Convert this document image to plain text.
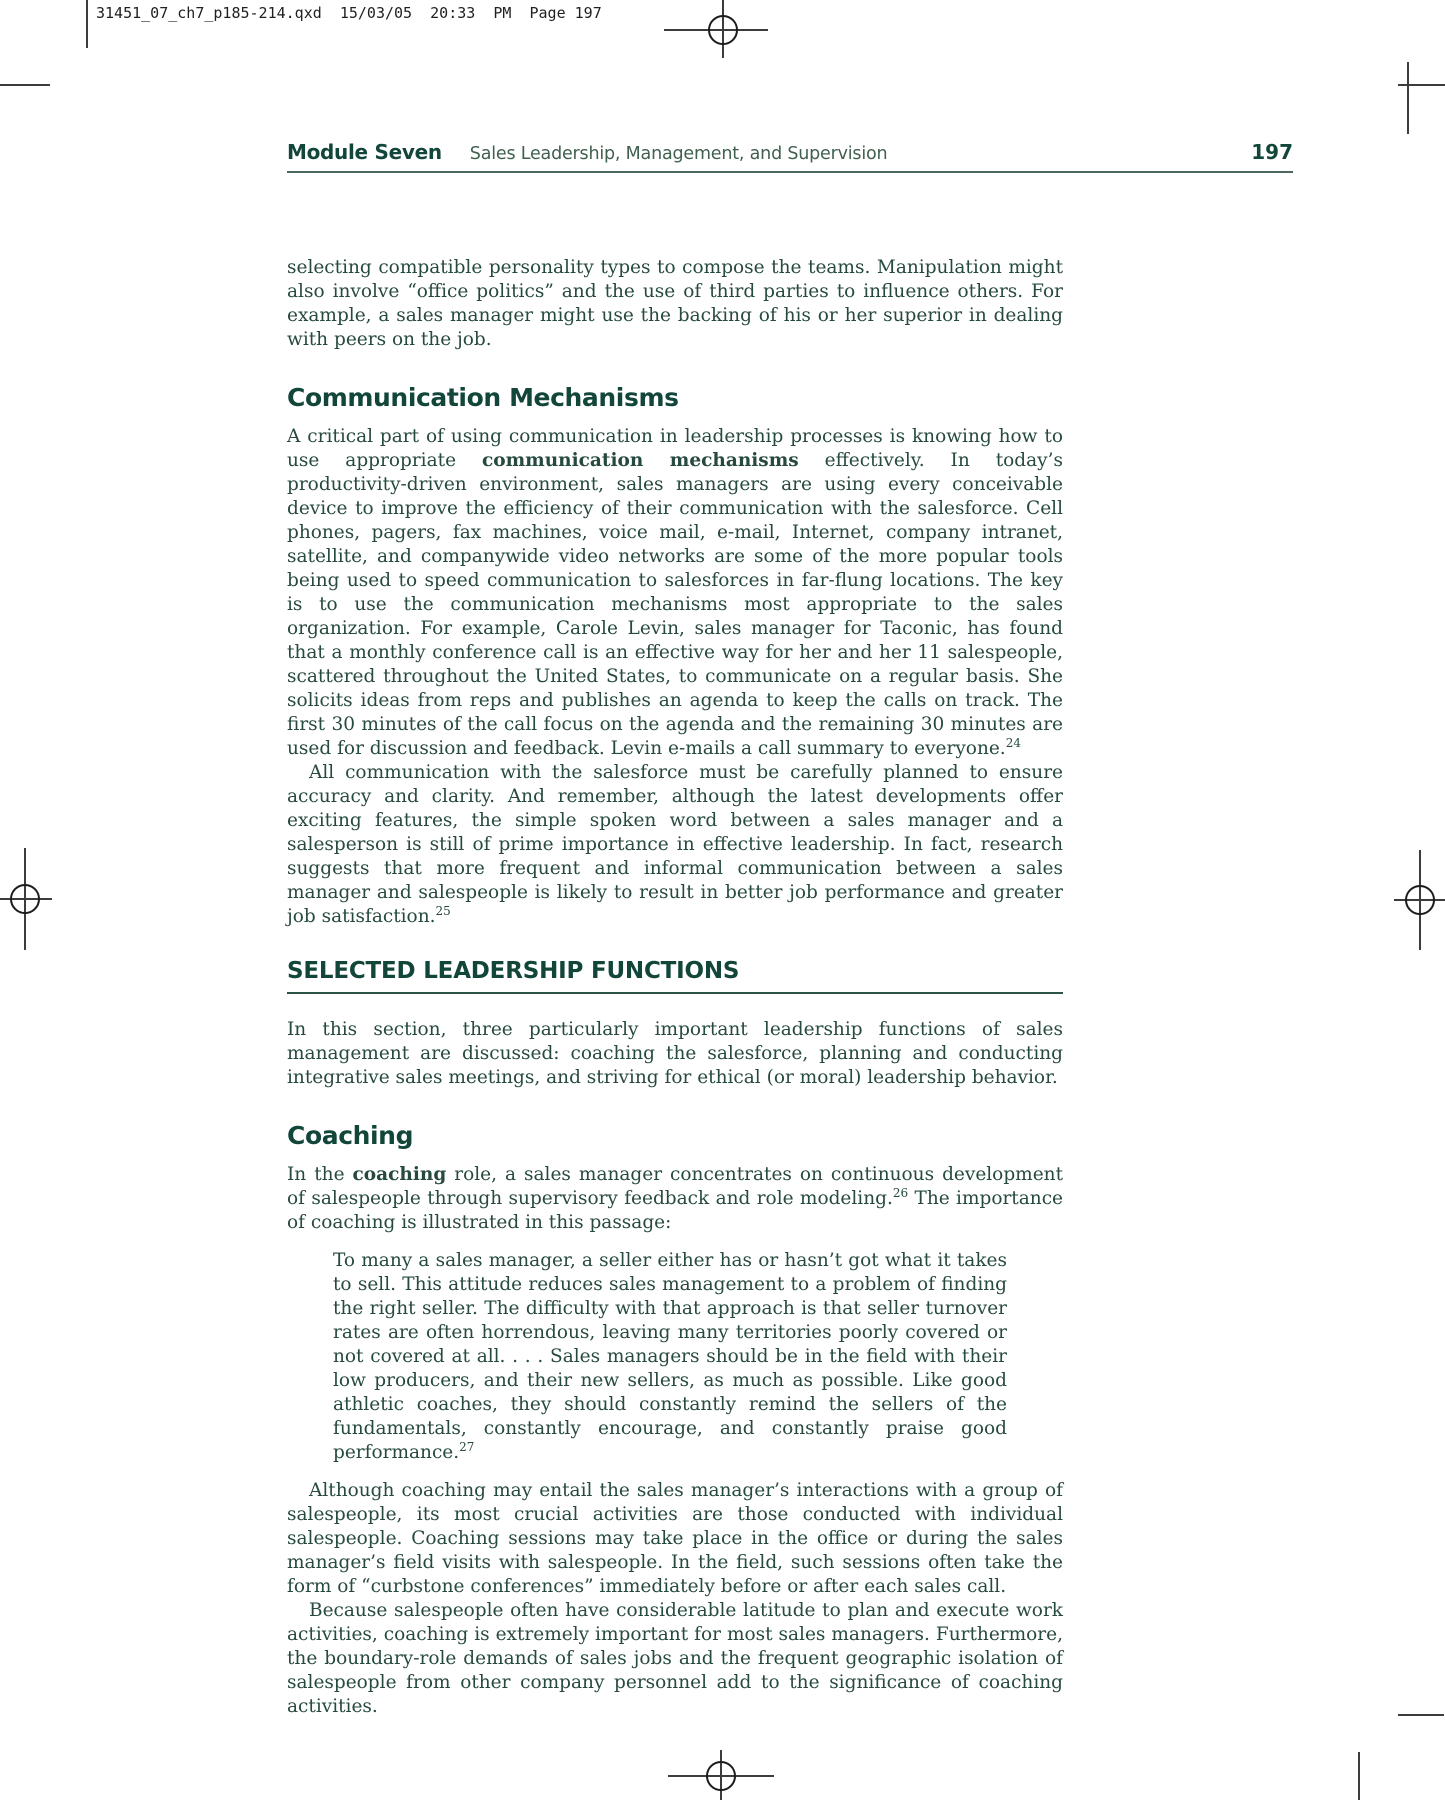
31451_07_ch7_p185-214.qxd  15/03/05  20:33  PM  Page 197
Module Seven Sales Leadership, Management, and Supervision	197

selecting compatible personality types to compose the teams. Manipulation might also involve “office politics” and the use of third parties to influence others. For example, a sales manager might use the backing of his or her superior in dealing with peers on the job.

Communication Mechanisms

A critical part of using communication in leadership processes is knowing how to use appropriate communication mechanisms effectively. In today’s productivity-driven environment, sales managers are using every conceivable device to improve the efficiency of their communication with the salesforce. Cell phones, pagers, fax machines, voice mail, e-mail, Internet, company intranet, satellite, and companywide video networks are some of the more popular tools being used to speed communication to salesforces in far-flung locations. The key is to use the communication mechanisms most appropriate to the sales organization. For example, Carole Levin, sales manager for Taconic, has found that a monthly conference call is an effective way for her and her 11 salespeople, scattered throughout the United States, to communicate on a regular basis. She solicits ideas from reps and publishes an agenda to keep the calls on track. The first 30 minutes of the call focus on the agenda and the remaining 30 minutes are used for discussion and feedback. Levin e-mails a call summary to everyone.$^{24}$

All communication with the salesforce must be carefully planned to ensure accuracy and clarity. And remember, although the latest developments offer exciting features, the simple spoken word between a sales manager and a salesperson is still of prime importance in effective leadership. In fact, research suggests that more frequent and informal communication between a sales manager and salespeople is likely to result in better job performance and greater job satisfaction.$^{25}$

SELECTED LEADERSHIP FUNCTIONS

In this section, three particularly important leadership functions of sales management are discussed: coaching the salesforce, planning and conducting integrative sales meetings, and striving for ethical (or moral) leadership behavior.

Coaching

In the coaching role, a sales manager concentrates on continuous development of salespeople through supervisory feedback and role modeling.$^{26}$ The importance of coaching is illustrated in this passage:

To many a sales manager, a seller either has or hasn’t got what it takes to sell. This attitude reduces sales management to a problem of finding the right seller. The difficulty with that approach is that seller turnover rates are often horrendous, leaving many territories poorly covered or not covered at all. . . . Sales managers should be in the field with their low producers, and their new sellers, as much as possible. Like good athletic coaches, they should constantly remind the sellers of the fundamentals, constantly encourage, and constantly praise good performance.$^{27}$

Although coaching may entail the sales manager’s interactions with a group of salespeople, its most crucial activities are those conducted with individual salespeople. Coaching sessions may take place in the office or during the sales manager’s field visits with salespeople. In the field, such sessions often take the form of “curbstone conferences” immediately before or after each sales call.

Because salespeople often have considerable latitude to plan and execute work activities, coaching is extremely important for most sales managers. Furthermore, the boundary-role demands of sales jobs and the frequent geographic isolation of salespeople from other company personnel add to the significance of coaching activities.
